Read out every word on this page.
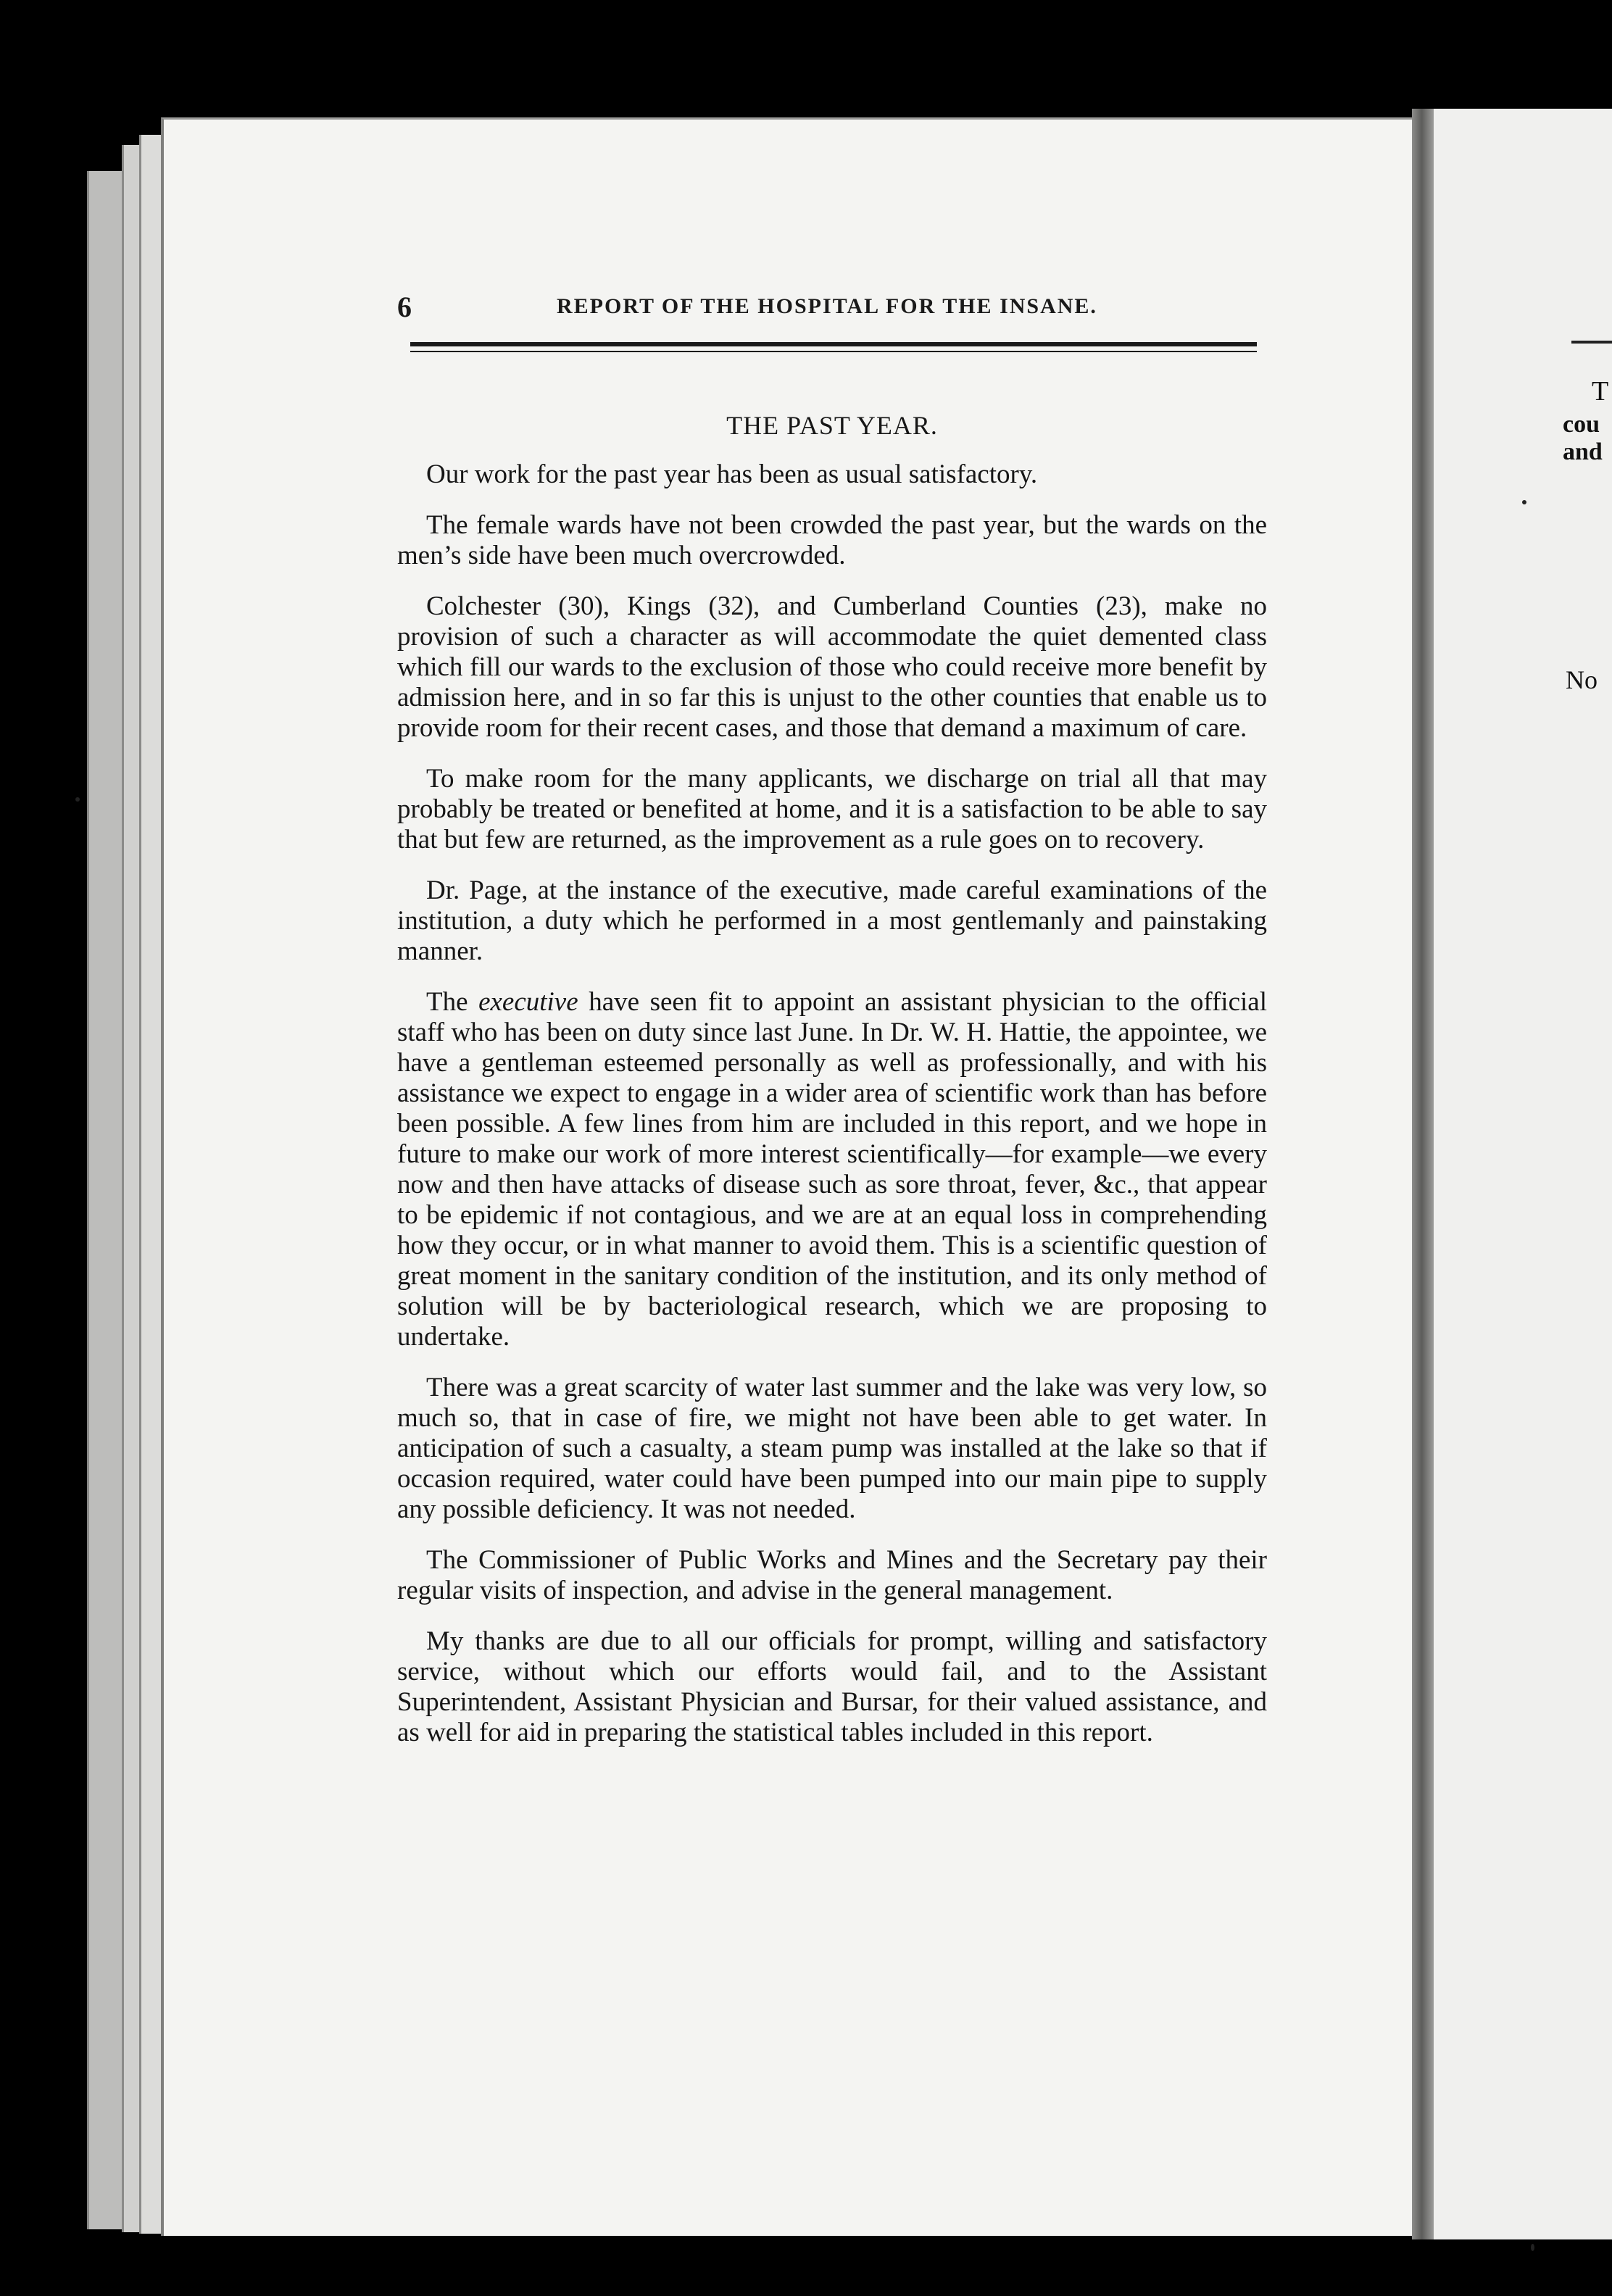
T
cou
and
No
6	REPORT OF THE HOSPITAL FOR THE INSANE.
THE PAST YEAR.

Our work for the past year has been as usual satisfactory.

The female wards have not been crowded the past year, but the wards on the men’s side have been much overcrowded.

Colchester (30), Kings (32), and Cumberland Counties (23), make no provision of such a character as will accommodate the quiet demented class which fill our wards to the exclusion of those who could receive more benefit by admission here, and in so far this is unjust to the other counties that enable us to provide room for their recent cases, and those that demand a maximum of care.

To make room for the many applicants, we discharge on trial all that may probably be treated or benefited at home, and it is a satisfaction to be able to say that but few are returned, as the improvement as a rule goes on to recovery.

Dr. Page, at the instance of the executive, made careful examinations of the institution, a duty which he performed in a most gentlemanly and painstaking manner.

The executive have seen fit to appoint an assistant physician to the official staff who has been on duty since last June. In Dr. W. H. Hattie, the appointee, we have a gentleman esteemed personally as well as professionally, and with his assistance we expect to engage in a wider area of scientific work than has before been possible. A few lines from him are included in this report, and we hope in future to make our work of more interest scientifically—for example—we every now and then have attacks of disease such as sore throat, fever, &c., that appear to be epidemic if not contagious, and we are at an equal loss in comprehending how they occur, or in what manner to avoid them. This is a scientific question of great moment in the sanitary condition of the institution, and its only method of solution will be by bacteriological research, which we are proposing to undertake.

There was a great scarcity of water last summer and the lake was very low, so much so, that in case of fire, we might not have been able to get water. In anticipation of such a casualty, a steam pump was installed at the lake so that if occasion required, water could have been pumped into our main pipe to supply any possible deficiency. It was not needed.

The Commissioner of Public Works and Mines and the Secretary pay their regular visits of inspection, and advise in the general management.

My thanks are due to all our officials for prompt, willing and satisfactory service, without which our efforts would fail, and to the Assistant Superintendent, Assistant Physician and Bursar, for their valued assistance, and as well for aid in preparing the statistical tables included in this report.
